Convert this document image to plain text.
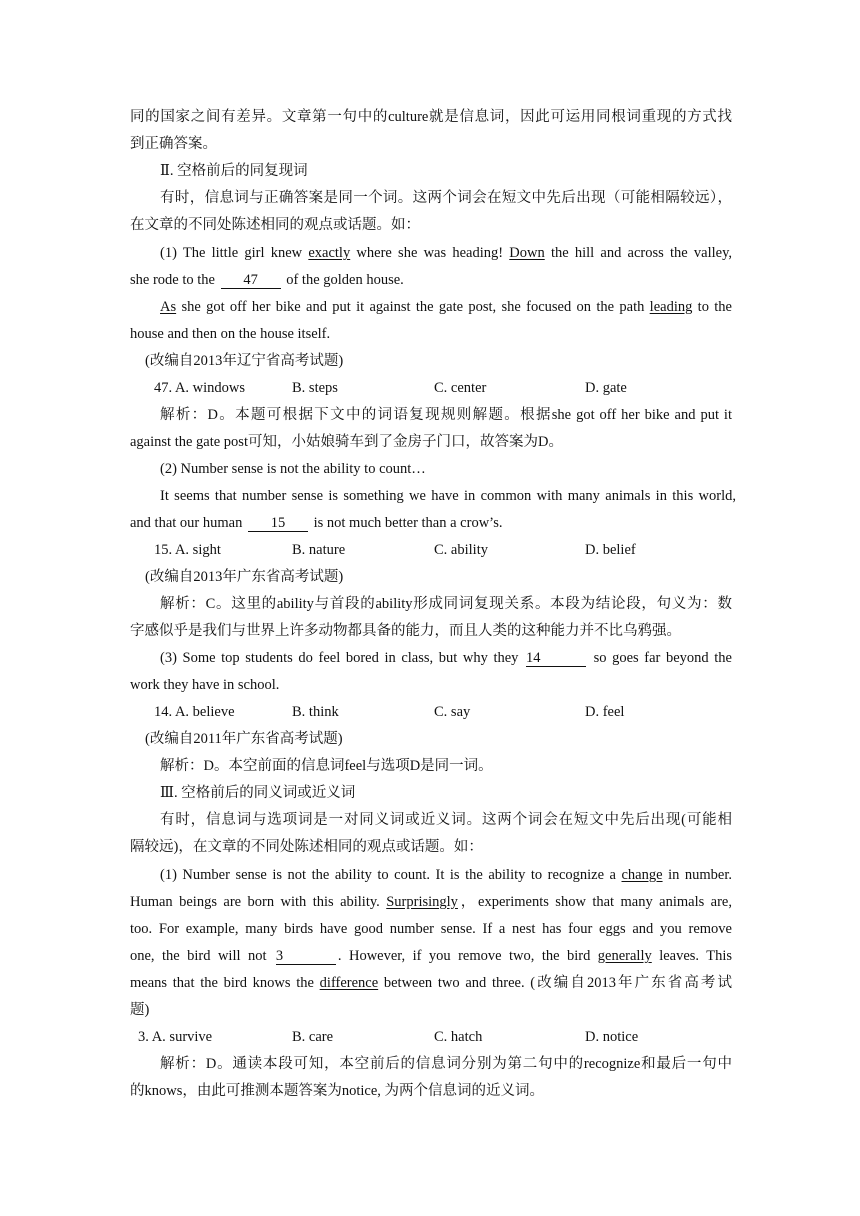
同的国家之间有差异。文章第一句中的culture就是信息词，因此可运用同根词重现的方式找
到正确答案。
Ⅱ. 空格前后的同复现词
有时，信息词与正确答案是同一个词。这两个词会在短文中先后出现（可能相隔较远），
在文章的不同处陈述相同的观点或话题。如：
(1) The little girl knew exactly where she was heading! Down the hill and across the valley,
she rode to the 47 of the golden house.
As she got off her bike and put it against the gate post, she focused on the path leading to the
house and then on the house itself.
(改编自2013年辽宁省高考试题)
47. A. windows	B. steps	C. center	D. gate
解析：D。本题可根据下文中的词语复现规则解题。根据she got off her bike and put it
against the gate post可知，小姑娘骑车到了金房子门口，故答案为D。
(2) Number sense is not the ability to count…
It seems that number sense is something we have in common with many animals in this world,
and that our human 15 is not much better than a crow’s.
15. A. sight	B. nature	C. ability	D. belief
(改编自2013年广东省高考试题)
解析：C。这里的ability与首段的ability形成同词复现关系。本段为结论段，句义为：数
字感似乎是我们与世界上许多动物都具备的能力，而且人类的这种能力并不比乌鸦强。
(3) Some top students do feel bored in class, but why they 14	so goes far beyond the
work they have in school.
14. A. believe	B. think	C. say	D. feel
(改编自2011年广东省高考试题)
解析：D。本空前面的信息词feel与选项D是同一词。
Ⅲ. 空格前后的同义词或近义词
有时，信息词与选项词是一对同义词或近义词。这两个词会在短文中先后出现(可能相
隔较远)，在文章的不同处陈述相同的观点或话题。如：
(1) Number sense is not the ability to count. It is the ability to recognize a change in number.
Human beings are born with this ability. Surprisingly，experiments show that many animals are,
too. For example, many birds have good number sense. If a nest has four eggs and you remove
one, the bird will not 3	. However, if you remove two, the bird generally leaves. This
means that the bird knows the difference between two and three. (改编自2013年广东省高考试
题)
3. A. survive	B. care	C. hatch	D. notice
解析：D。通读本段可知，本空前后的信息词分别为第二句中的recognize和最后一句中
的knows，由此可推测本题答案为notice, 为两个信息词的近义词。
